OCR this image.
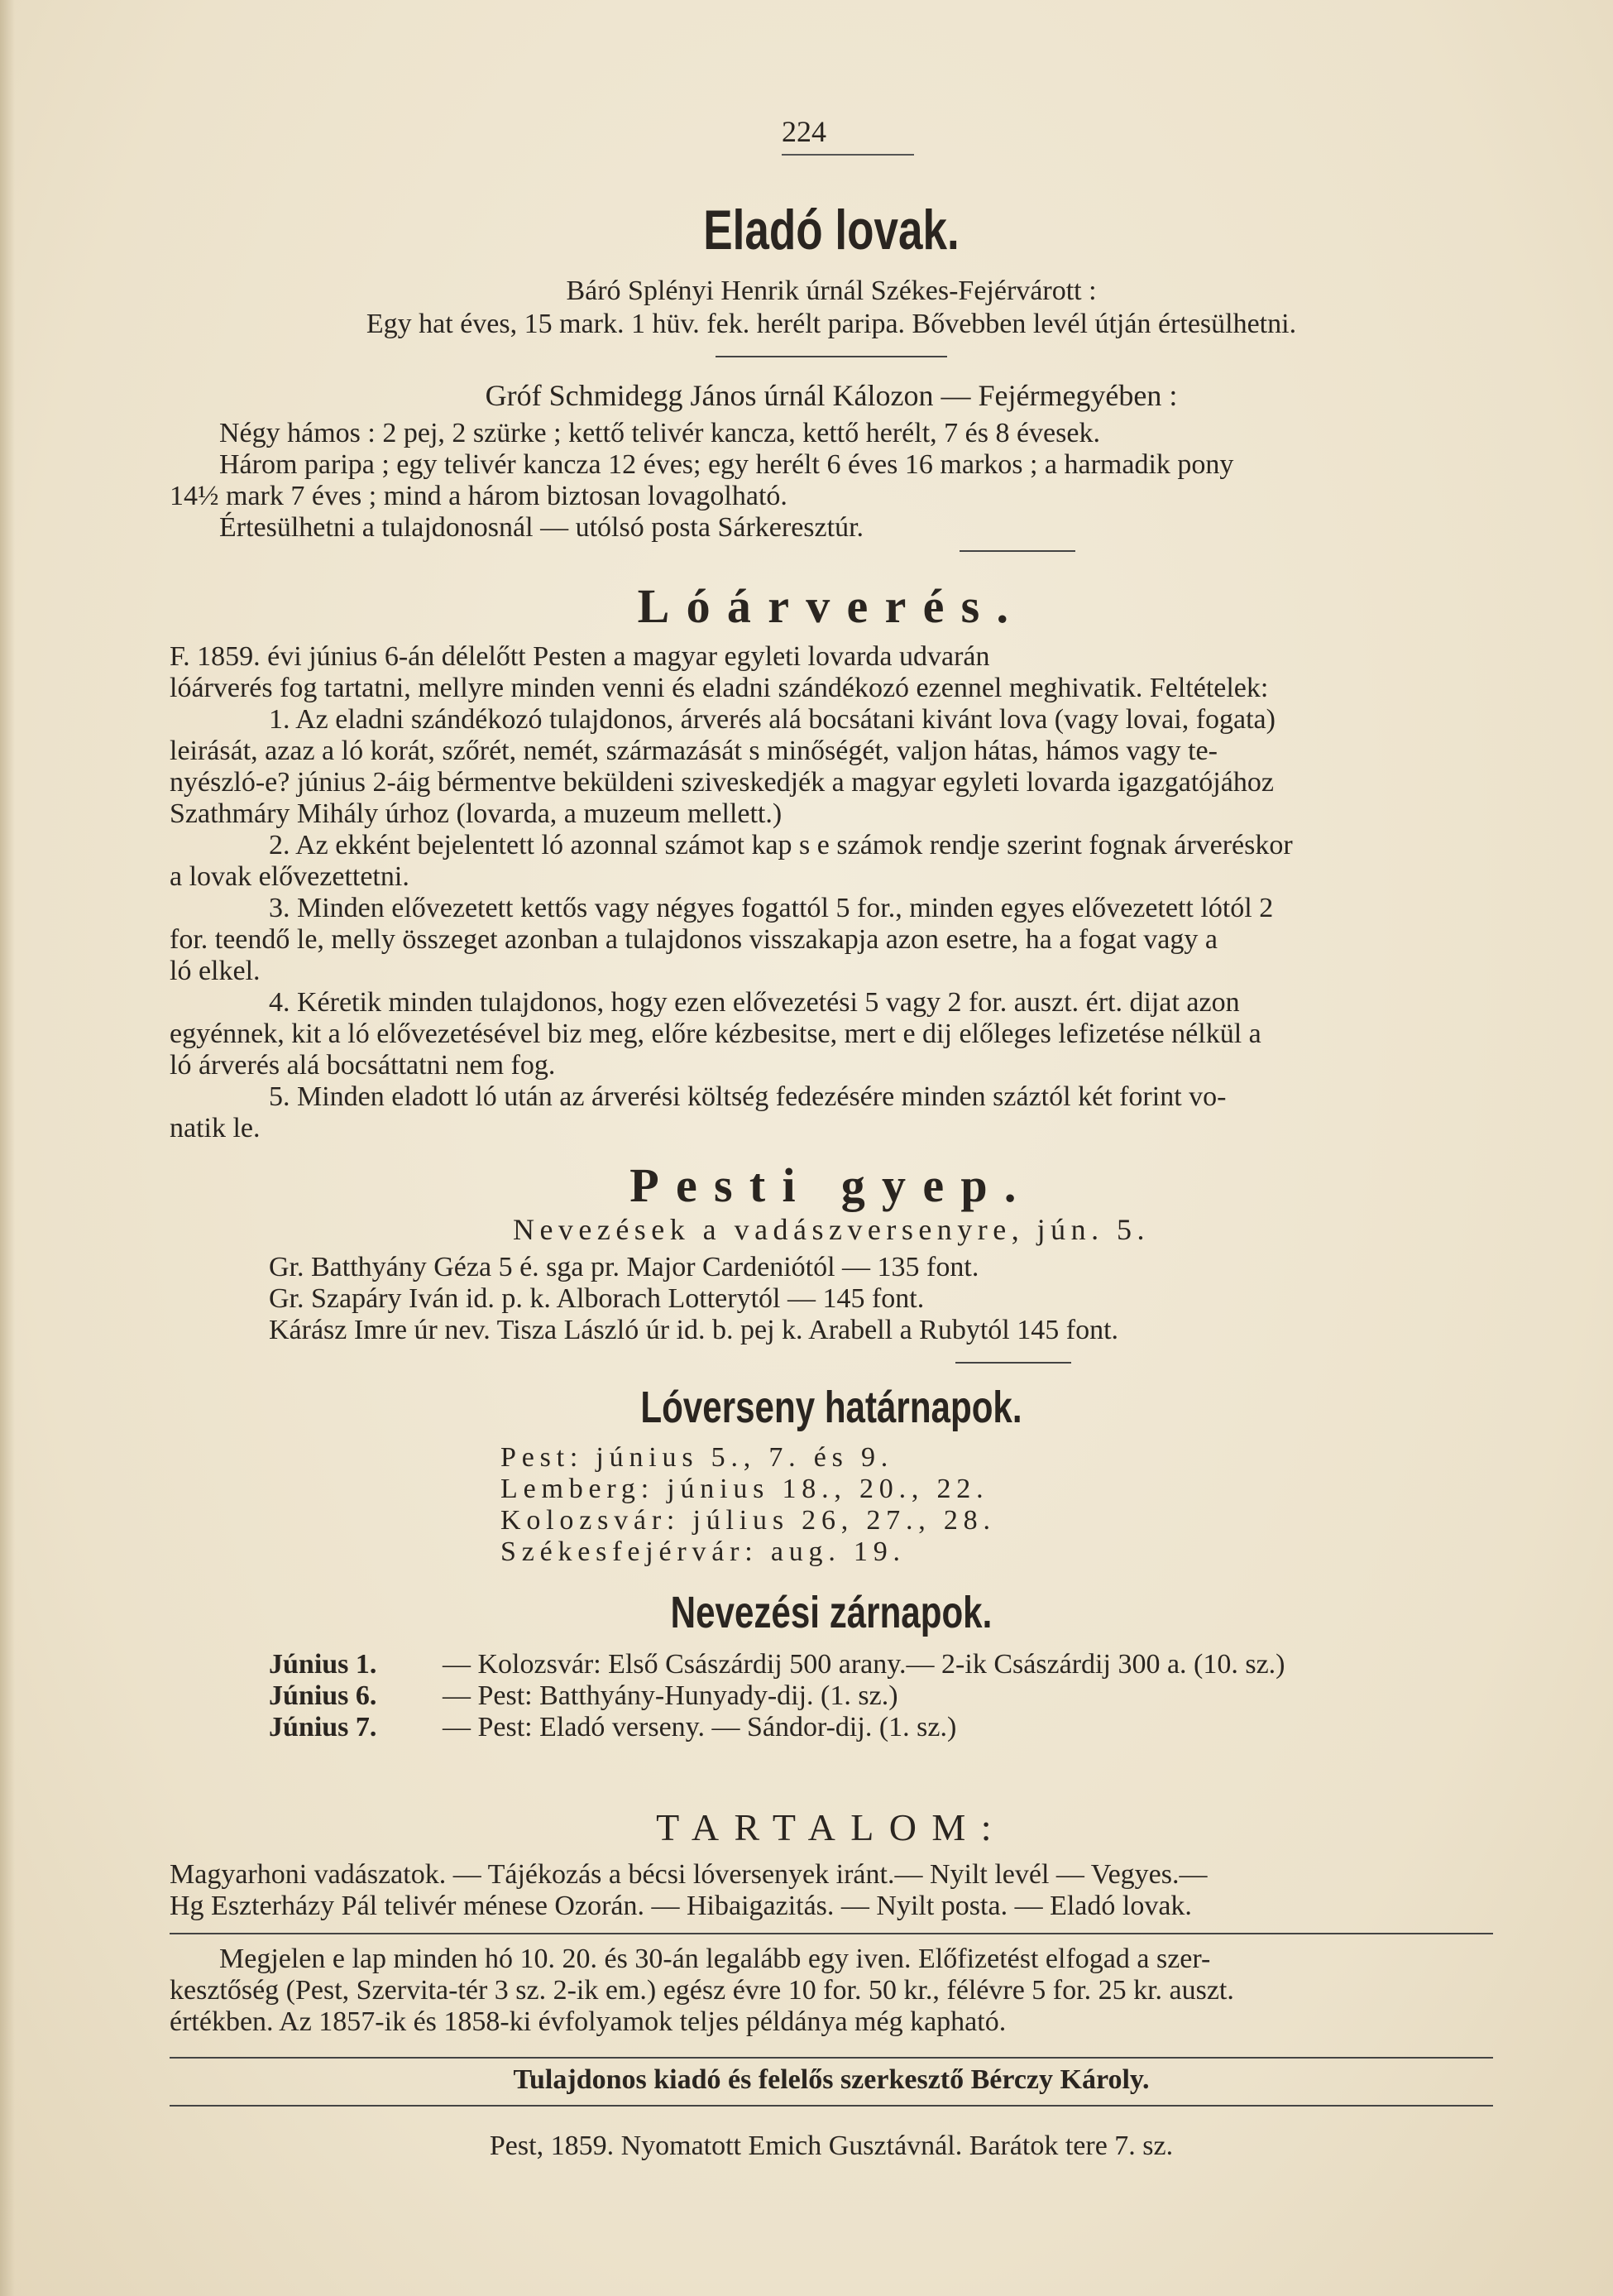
224
Eladó lovak.
Báró Splényi Henrik úrnál Székes-Fejérvárott :
Egy hat éves, 15 mark. 1 hüv. fek. herélt paripa. Bővebben levél útján értesülhetni.
Gróf Schmidegg János úrnál Kálozon — Fejérmegyében :
Négy hámos : 2 pej, 2 szürke ; kettő telivér kancza, kettő herélt, 7 és 8 évesek.
Három paripa ; egy telivér kancza 12 éves; egy herélt 6 éves 16 markos ; a harmadik pony
14½ mark 7 éves ; mind a három biztosan lovagolható.
Értesülhetni a tulajdonosnál — utólsó posta Sárkeresztúr.
Lóárverés.
F. 1859. évi június 6-án délelőtt Pesten a magyar egyleti lovarda udvarán
lóárverés fog tartatni, mellyre minden venni és eladni szándékozó ezennel meghivatik. Feltételek:
1. Az eladni szándékozó tulajdonos, árverés alá bocsátani kivánt lova (vagy lovai, fogata)
leirását, azaz a ló korát, szőrét, nemét, származását s minőségét, valjon hátas, hámos vagy te-
nyészló-e? június 2-áig bérmentve beküldeni sziveskedjék a magyar egyleti lovarda igazgatójához
Szathmáry Mihály úrhoz (lovarda, a muzeum mellett.)
2. Az ekként bejelentett ló azonnal számot kap s e számok rendje szerint fognak árveréskor
a lovak elővezettetni.
3. Minden elővezetett kettős vagy négyes fogattól 5 for., minden egyes elővezetett lótól 2
for. teendő le, melly összeget azonban a tulajdonos visszakapja azon esetre, ha a fogat vagy a
ló elkel.
4. Kéretik minden tulajdonos, hogy ezen elővezetési 5 vagy 2 for. auszt. ért. dijat azon
egyénnek, kit a ló elővezetésével biz meg, előre kézbesitse, mert e dij előleges lefizetése nélkül a
ló árverés alá bocsáttatni nem fog.
5. Minden eladott ló után az árverési költség fedezésére minden száztól két forint vo-
natik le.
Pesti gyep.
Nevezések a vadászversenyre, jún. 5.
Gr. Batthyány Géza 5 é. sga pr. Major Cardeniótól — 135 font.
Gr. Szapáry Iván id. p. k. Alborach Lotterytól — 145 font.
Kárász Imre úr nev. Tisza László úr id. b. pej k. Arabell a Rubytól 145 font.
Lóverseny határnapok.
Pest: június 5., 7. és 9.
Lemberg: június 18., 20., 22.
Kolozsvár: július 26, 27., 28.
Székesfejérvár: aug. 19.
Nevezési zárnapok.
Június 1. — Kolozsvár: Első Császárdij 500 arany.— 2-ik Császárdij 300 a. (10. sz.)
Június 6. — Pest: Batthyány-Hunyady-dij. (1. sz.)
Június 7. — Pest: Eladó verseny. — Sándor-dij. (1. sz.)
TARTALOM:
Magyarhoni vadászatok. — Tájékozás a bécsi lóversenyek iránt.— Nyilt levél — Vegyes.—
Hg Eszterházy Pál telivér ménese Ozorán. — Hibaigazitás. — Nyilt posta. — Eladó lovak.
Megjelen e lap minden hó 10. 20. és 30-án legalább egy iven. Előfizetést elfogad a szer-
kesztőség (Pest, Szervita-tér 3 sz. 2-ik em.) egész évre 10 for. 50 kr., félévre 5 for. 25 kr. auszt.
értékben. Az 1857-ik és 1858-ki évfolyamok teljes példánya még kapható.
Tulajdonos kiadó és felelős szerkesztő Bérczy Károly.
Pest, 1859. Nyomatott Emich Gusztávnál. Barátok tere 7. sz.
